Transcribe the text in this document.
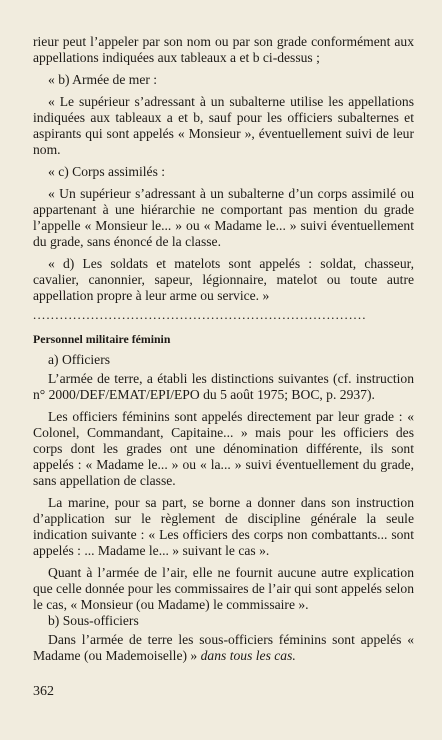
rieur peut l’appeler par son nom ou par son grade conformément aux appellations indiquées aux tableaux a et b ci-dessus ;

« b) Armée de mer :

« Le supérieur s’adressant à un subalterne utilise les appellations indiquées aux tableaux a et b, sauf pour les officiers subalternes et aspirants qui sont appelés « Monsieur », éventuellement suivi de leur nom.

« c) Corps assimilés :

« Un supérieur s’adressant à un subalterne d’un corps assimilé ou appartenant à une hiérarchie ne comportant pas mention du grade l’appelle « Monsieur le... » ou « Madame le... » suivi éventuellement du grade, sans énoncé de la classe.

« d) Les soldats et matelots sont appelés : soldat, chasseur, cavalier, canonnier, sapeur, légionnaire, matelot ou toute autre appellation propre à leur arme ou service. »

...........................................................................
Personnel militaire féminin
a) Officiers

L’armée de terre, a établi les distinctions suivantes (cf. instruction n° 2000/DEF/EMAT/EPI/EPO du 5 août 1975; BOC, p. 2937).

Les officiers féminins sont appelés directement par leur grade : « Colonel, Commandant, Capitaine... » mais pour les officiers des corps dont les grades ont une dénomination différente, ils sont appelés : « Madame le... » ou « la... » suivi éventuellement du grade, sans appellation de classe.

La marine, pour sa part, se borne a donner dans son instruction d’application sur le règlement de discipline générale la seule indication suivante : « Les officiers des corps non combattants... sont appelés : ... Madame le... » suivant le cas ».

Quant à l’armée de l’air, elle ne fournit aucune autre explication que celle donnée pour les commissaires de l’air qui sont appelés selon le cas, « Monsieur (ou Madame) le commissaire ».

b) Sous-officiers

Dans l’armée de terre les sous-officiers féminins sont appelés « Madame (ou Mademoiselle) » dans tous les cas.

362
